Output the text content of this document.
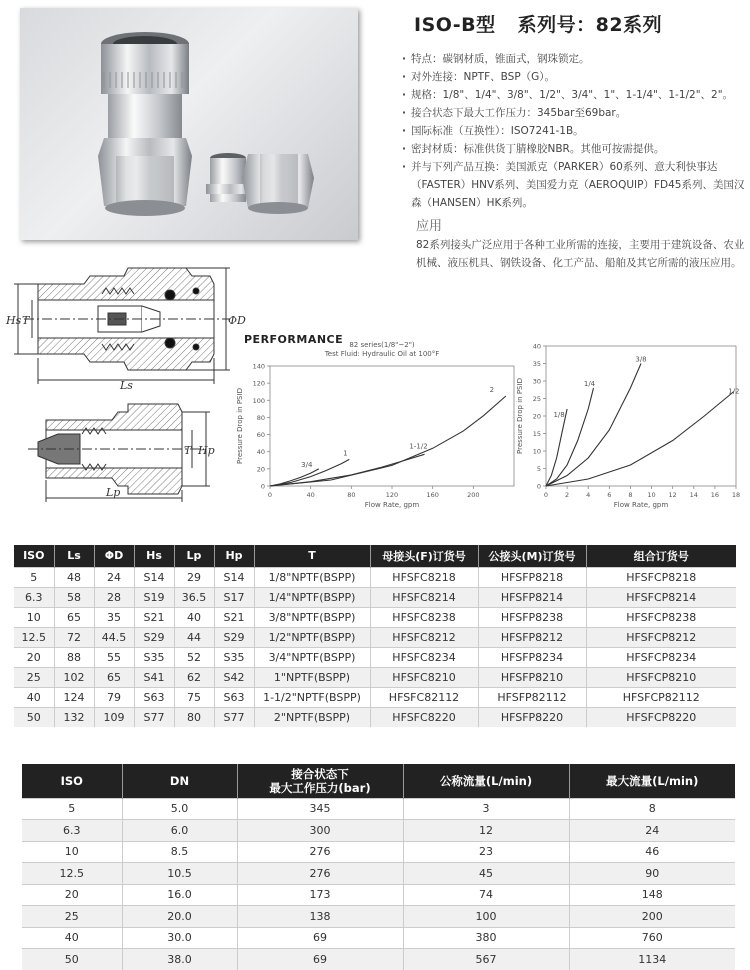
ISO-B型 系列号：82系列
· 特点：碳钢材质，锥面式，钢珠锁定。
· 对外连接：NPTF、BSP（G）。
· 规格：1/8"、1/4"、3/8"、1/2"、3/4"、1"、1-1/4"、1-1/2"、2"。
· 接合状态下最大工作压力：345bar至69bar。
· 国际标准（互换性）：ISO7241-1B。
· 密封材质：标准供货丁腈橡胶NBR。其他可按需提供。
· 并与下列产品互换：美国派克（PARKER）60系列、意大利快事达（FASTER）HNV系列、美国爱力克（AEROQUIP）FD45系列、美国汉森（HANSEN）HK系列。
应用
82系列接头广泛应用于各种工业所需的连接，主要用于建筑设备、农业机械、液压机具、钢铁设备、化工产品、船舶及其它所需的液压应用。
Hs T	ΦD
Ls
T Hp
Lp
PERFORMANCE 82 series(1/8"~2")
Test Fluid: Hydraulic Oil at 100°F
0	40	80	120	160	200
0
20
40
60
80
100
120
140
Flow Rate, gpm
Pressure Drop in PSID
3/4
1
1-1/2
2
0	2	4	6	8 10 12 14 16 18
0
5
10
15
20
25
30
35
40
Flow Rate, gpm
Pressure Drop in PSID	1/8
1/4
3/8
1/2
ISO	Ls	ΦD	Hs	Lp	Hp	T	母接头(F)订货号	公接头(M)订货号	组合订货号
5	48	24	S14	29	S14	1/8"NPTF(BSPP)	HFSFC8218	HFSFP8218	HFSFCP8218
6.3	58	28	S19	36.5	S17	1/4"NPTF(BSPP)	HFSFC8214	HFSFP8214	HFSFCP8214
10	65	35	S21	40	S21	3/8"NPTF(BSPP)	HFSFC8238	HFSFP8238	HFSFCP8238
12.5	72	44.5	S29	44	S29	1/2"NPTF(BSPP)	HFSFC8212	HFSFP8212	HFSFCP8212
20	88	55	S35	52	S35	3/4"NPTF(BSPP)	HFSFC8234	HFSFP8234	HFSFCP8234
25	102	65	S41	62	S42	1"NPTF(BSPP)	HFSFC8210	HFSFP8210	HFSFCP8210
40	124	79	S63	75	S63	1-1/2"NPTF(BSPP)	HFSFC82112	HFSFP82112	HFSFCP82112
50	132	109	S77	80	S77	2"NPTF(BSPP)	HFSFC8220	HFSFP8220	HFSFCP8220
ISO	DN	接合状态下
最大工作压力(bar)	公称流量(L/min)	最大流量(L/min)
5	5.0	345	3	8
6.3	6.0	300	12	24
10	8.5	276	23	46
12.5	10.5	276	45	90
20	16.0	173	74	148
25	20.0	138	100	200
40	30.0	69	380	760
50	38.0	69	567	1134
